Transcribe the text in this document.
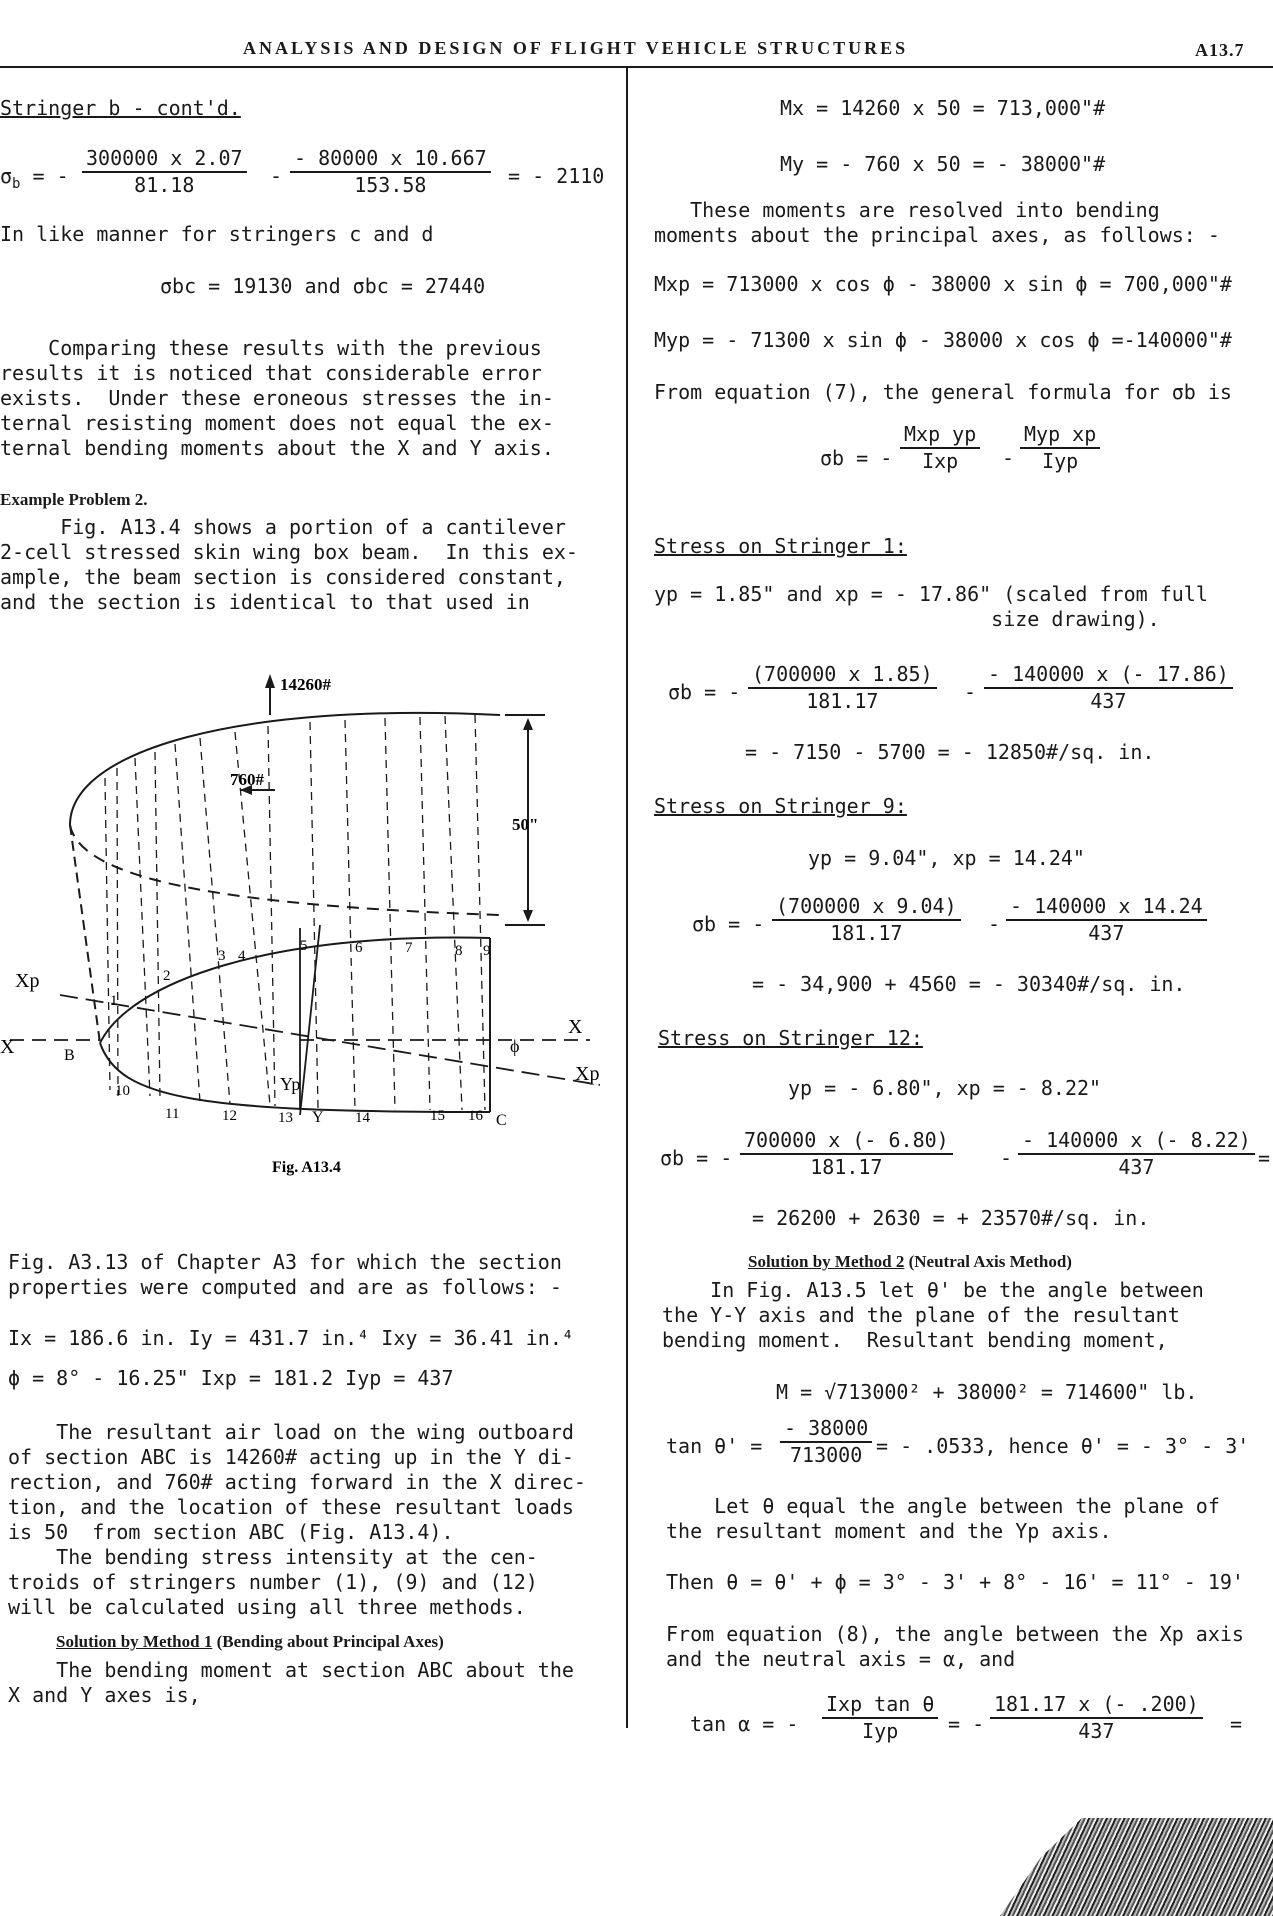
ANALYSIS AND DESIGN OF FLIGHT VEHICLE STRUCTURES	A13.7
Stringer b - cont'd.
$\sigma_b$ = - $\frac{300000 x 2.07}{81.18} - \frac{- 80000 x 10.667}{153.58}$ = - 2110
In like manner for stringers c and d
σbc = 19130 and σbc = 27440
Comparing these results with the previous
results it is noticed that considerable error
exists.  Under these eroneous stresses the in-
ternal resisting moment does not equal the ex-
ternal bending moments about the X and Y axis.
Example Problem 2.
Fig. A13.4 shows a portion of a cantilever
2-cell stressed skin wing box beam.  In this ex-
ample, the beam section is considered constant,
and the section is identical to that used in
14260#
760#
50"
X
X
Xp
Xp
Yp
Y
ϕ
B
C
1
2
3 4
5	6	7	8 9
10
11	12	13	14	15 16
Fig. A13.4
Fig. A3.13 of Chapter A3 for which the section
properties were computed and are as follows: -
Ix = 186.6 in. Iy = 431.7 in.⁴ Ixy = 36.41 in.⁴
ϕ = 8° - 16.25" Ixp = 181.2 Iyp = 437
The resultant air load on the wing outboard
of section ABC is 14260# acting up in the Y di-
rection, and 760# acting forward in the X direc-
tion, and the location of these resultant loads
is 50  from section ABC (Fig. A13.4).
The bending stress intensity at the cen-
troids of stringers number (1), (9) and (12)
will be calculated using all three methods.
Solution by Method 1 (Bending about Principal Axes)
The bending moment at section ABC about the
X and Y axes is,
Mx = 14260 x 50 = 713,000"#
My = - 760 x 50 = - 38000"#
These moments are resolved into bending
moments about the principal axes, as follows: -
Mxp = 713000 x cos ϕ - 38000 x sin ϕ = 700,000"#
Myp = - 71300 x sin ϕ - 38000 x cos ϕ =-140000"#
From equation (7), the general formula for σb is
σb = -
Mxp yp
Ixp -
Myp xp
Iyp
Stress on Stringer 1:
yp = 1.85" and xp = - 17.86" (scaled from full
size drawing).
σb = - $\frac{(700000 x 1.85)}{181.17} - \frac{- 140000 x (- 17.86)}{437}$
= - 7150 - 5700 = - 12850#/sq. in.
Stress on Stringer 9:
yp = 9.04", xp = 14.24"
σb = - $\frac{(700000 x 9.04)}{181.17} - \frac{- 140000 x 14.24}{437}$
= - 34,900 + 4560 = - 30340#/sq. in.
Stress on Stringer 12:
yp = - 6.80", xp = - 8.22"
σb = - $\frac{700000 x (- 6.80)}{181.17} - \frac{- 140000 x (- 8.22)}{437}$ =
= 26200 + 2630 = + 23570#/sq. in.
Solution by Method 2 (Neutral Axis Method)
In Fig. A13.5 let θ' be the angle between
the Y-Y axis and the plane of the resultant
bending moment.  Resultant bending moment,
M = √713000² + 38000² = 714600" lb.
$\tan \theta' = \frac{- 38000}{713000}$ = - .0533, hence θ' = - 3° - 3'
Let θ equal the angle between the plane of
the resultant moment and the Yp axis.
Then θ = θ' + ϕ = 3° - 3' + 8° - 16' = 11° - 19'
From equation (8), the angle between the Xp axis
and the neutral axis = α, and
tan α = -
Ixp tan θ
Iyp = - $\frac{181.17 x (- .200)}{437}$ =
